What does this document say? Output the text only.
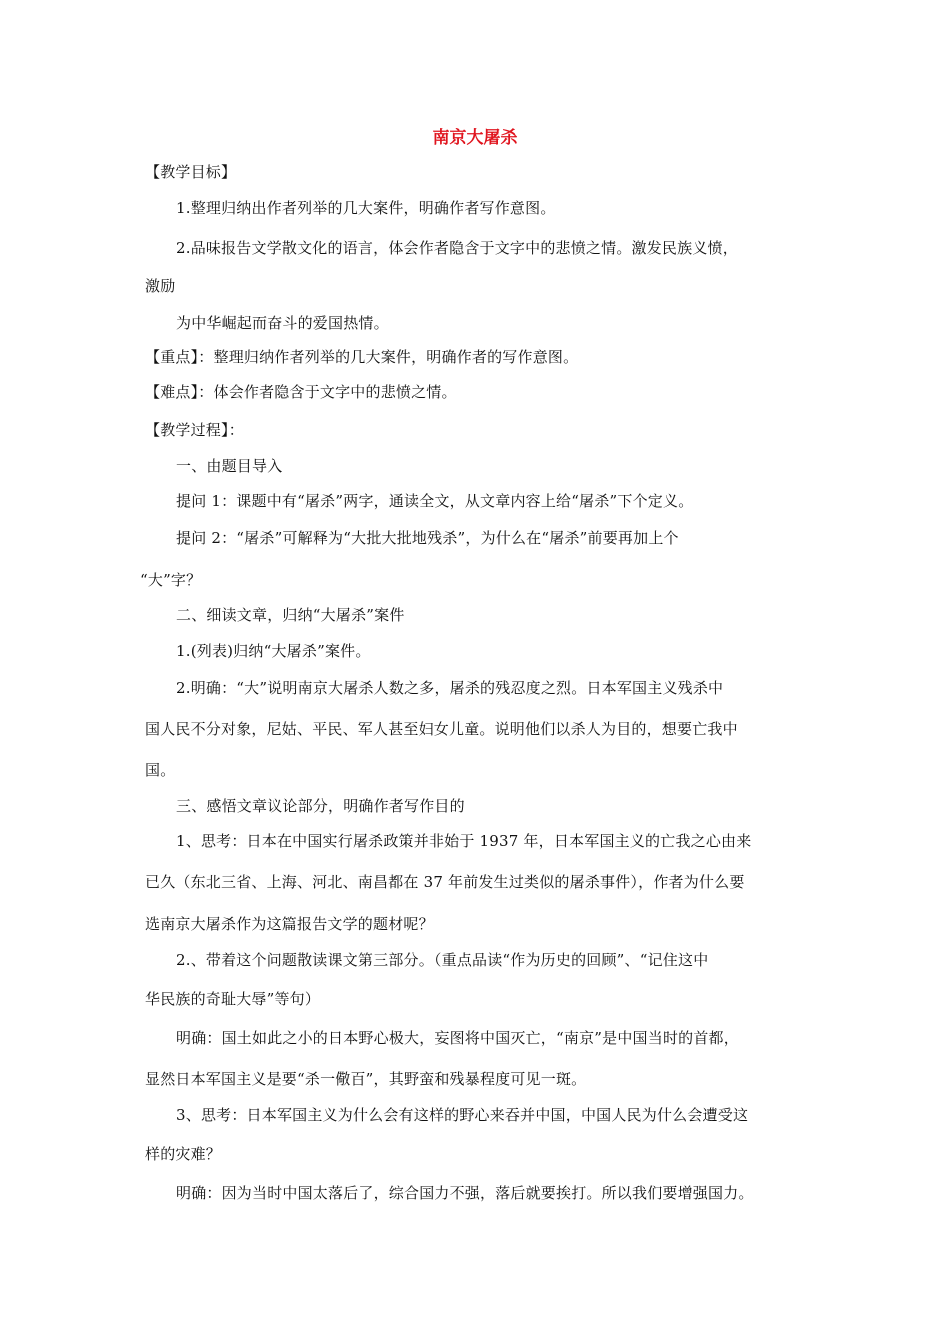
南京大屠杀
【教学目标】
1.整理归纳出作者列举的几大案件，明确作者写作意图。
2.品味报告文学散文化的语言，体会作者隐含于文字中的悲愤之情。激发民族义愤，
激励
为中华崛起而奋斗的爱国热情。
【重点】：整理归纳作者列举的几大案件，明确作者的写作意图。
【难点】：体会作者隐含于文字中的悲愤之情。
【教学过程】：
一、由题目导入
提问 1：课题中有“屠杀”两字，通读全文，从文章内容上给“屠杀”下个定义。
提问 2：“屠杀”可解释为“大批大批地残杀”，为什么在“屠杀”前要再加上个
“大”字？
二、细读文章，归纳“大屠杀”案件
1.(列表)归纳“大屠杀”案件。
2.明确：“大”说明南京大屠杀人数之多，屠杀的残忍度之烈。日本军国主义残杀中
国人民不分对象，尼姑、平民、军人甚至妇女儿童。说明他们以杀人为目的，想要亡我中
国。
三、感悟文章议论部分，明确作者写作目的
1、思考：日本在中国实行屠杀政策并非始于 1937 年，日本军国主义的亡我之心由来
已久（东北三省、上海、河北、南昌都在 37 年前发生过类似的屠杀事件），作者为什么要
选南京大屠杀作为这篇报告文学的题材呢？
2.、带着这个问题散读课文第三部分。（重点品读“作为历史的回顾”、“记住这中
华民族的奇耻大辱”等句）
明确：国土如此之小的日本野心极大，妄图将中国灭亡，“南京”是中国当时的首都，
显然日本军国主义是要“杀一儆百”，其野蛮和残暴程度可见一斑。
3、思考：日本军国主义为什么会有这样的野心来吞并中国，中国人民为什么会遭受这
样的灾难？
明确：因为当时中国太落后了，综合国力不强，落后就要挨打。所以我们要增强国力。
